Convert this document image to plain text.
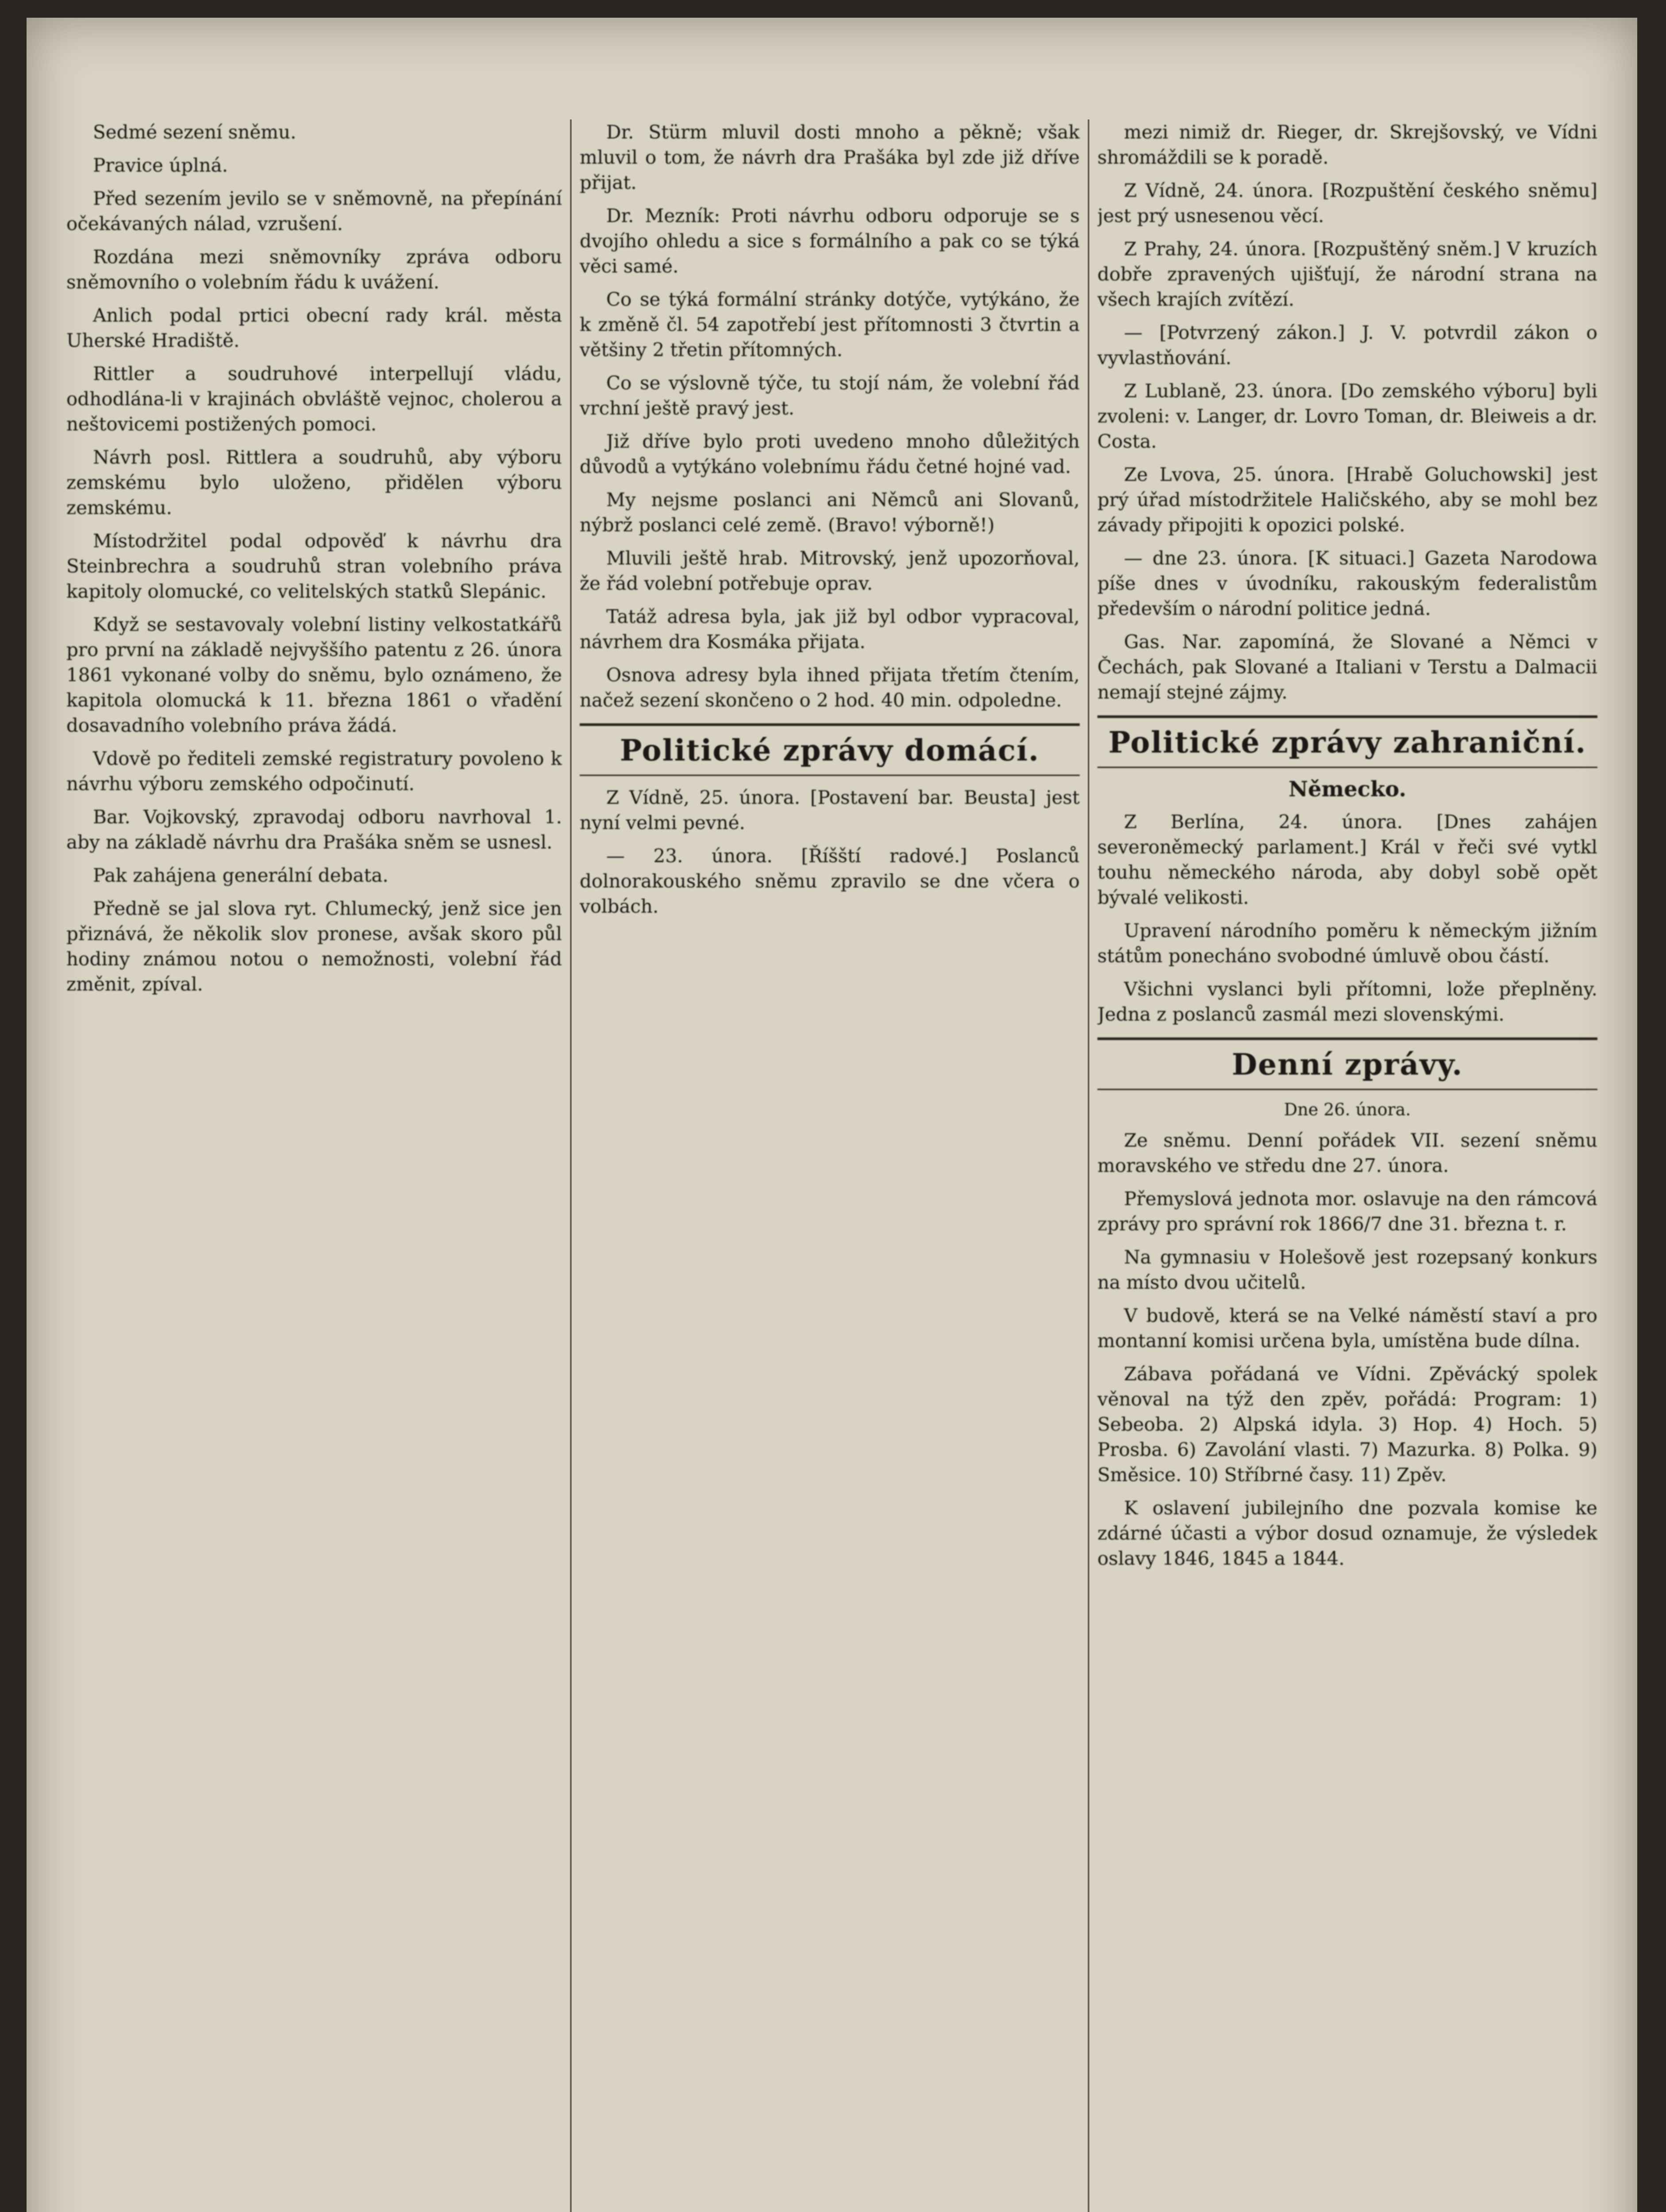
Sedmé sezení sněmu.

Pravice úplná.

Před sezením jevilo se v sněmovně, na přepínání očekávaných nálad, vzrušení.

Rozdána mezi sněmovníky zpráva odboru sněmovního o volebním řádu k uvážení.

Anlich podal prtici obecní rady král. města Uherské Hradiště.

Rittler a soudruhové interpellují vládu, odhodlána-li v krajinách obvláště vejnoc, cholerou a neštovicemi postižených pomoci.

Návrh posl. Rittlera a soudruhů, aby výboru zemskému bylo uloženo, přidělen výboru zemskému.

Místodržitel podal odpověď k návrhu dra Steinbrechra a soudruhů stran volebního práva kapitoly olomucké, co velitelských statků Slepánic.

Když se sestavovaly volební listiny velkostatkářů pro první na základě nejvyššího patentu z 26. února 1861 vykonané volby do sněmu, bylo oznámeno, že kapitola olomucká k 11. března 1861 o vřadění dosavadního volebního práva žádá.

Vdově po řediteli zemské registratury povoleno k návrhu výboru zemského odpočinutí.

Bar. Vojkovský, zpravodaj odboru navrhoval 1. aby na základě návrhu dra Prašáka sněm se usnesl.

Pak zahájena generální debata.

Předně se jal slova ryt. Chlumecký, jenž sice jen přiznává, že několik slov pronese, avšak skoro půl hodiny známou notou o nemožnosti, volební řád změnit, zpíval.

Dr. Stürm mluvil dosti mnoho a pěkně; však mluvil o tom, že návrh dra Prašáka byl zde již dříve přijat.

Dr. Mezník: Proti návrhu odboru odporuje se s dvojího ohledu a sice s formálního a pak co se týká věci samé.

Co se týká formální stránky dotýče, vytýkáno, že k změně čl. 54 zapotřebí jest přítomnosti 3 čtvrtin a většiny 2 třetin přítomných.

Co se výslovně týče, tu stojí nám, že volební řád vrchní ještě pravý jest.

Již dříve bylo proti uvedeno mnoho důležitých důvodů a vytýkáno volebnímu řádu četné hojné vad.

My nejsme poslanci ani Němců ani Slovanů, nýbrž poslanci celé země. (Bravo! výborně!)

Mluvili ještě hrab. Mitrovský, jenž upozorňoval, že řád volební potřebuje oprav.

Tatáž adresa byla, jak již byl odbor vypracoval, návrhem dra Kosmáka přijata.

Osnova adresy byla ihned přijata třetím čtením, načež sezení skončeno o 2 hod. 40 min. odpoledne.

Politické zprávy domácí.

Z Vídně, 25. února. [Postavení bar. Beusta] jest nyní velmi pevné.

— 23. února. [Říšští radové.] Poslanců dolnorakouského sněmu zpravilo se dne včera o volbách.

mezi nimiž dr. Rieger, dr. Skrejšovský, ve Vídni shromáždili se k poradě.

Z Vídně, 24. února. [Rozpuštění českého sněmu] jest prý usnesenou věcí.

Z Prahy, 24. února. [Rozpuštěný sněm.] V kruzích dobře zpravených ujišťují, že národní strana na všech krajích zvítězí.

— [Potvrzený zákon.] J. V. potvrdil zákon o vyvlastňování.

Z Lublaně, 23. února. [Do zemského výboru] byli zvoleni: v. Langer, dr. Lovro Toman, dr. Bleiweis a dr. Costa.

Ze Lvova, 25. února. [Hrabě Goluchowski] jest prý úřad místodržitele Haličského, aby se mohl bez závady připojiti k opozici polské.

— dne 23. února. [K situaci.] Gazeta Narodowa píše dnes v úvodníku, rakouským federalistům především o národní politice jedná.

Gas. Nar. zapomíná, že Slované a Němci v Čechách, pak Slované a Italiani v Terstu a Dalmacii nemají stejné zájmy.

Politické zprávy zahraniční.
Německo.

Z Berlína, 24. února. [Dnes zahájen severoněmecký parlament.] Král v řeči své vytkl touhu německého národa, aby dobyl sobě opět bývalé velikosti.

Upravení národního poměru k německým jižním státům ponecháno svobodné úmluvě obou částí.

Všichni vyslanci byli přítomni, lože přeplněny. Jedna z poslanců zasmál mezi slovenskými.

Denní zprávy.
Dne 26. února.

Ze sněmu. Denní pořádek VII. sezení sněmu moravského ve středu dne 27. února.

Přemyslová jednota mor. oslavuje na den rámcová zprávy pro správní rok 1866/7 dne 31. března t. r.

Na gymnasiu v Holešově jest rozepsaný konkurs na místo dvou učitelů.

V budově, která se na Velké náměstí staví a pro montanní komisi určena byla, umístěna bude dílna.

Zábava pořádaná ve Vídni. Zpěvácký spolek věnoval na týž den zpěv, pořádá: Program: 1) Sebeoba. 2) Alpská idyla. 3) Hop. 4) Hoch. 5) Prosba. 6) Zavolání vlasti. 7) Mazurka. 8) Polka. 9) Směsice. 10) Stříbrné časy. 11) Zpěv.

K oslavení jubilejního dne pozvala komise ke zdárné účasti a výbor dosud oznamuje, že výsledek oslavy 1846, 1845 a 1844.
